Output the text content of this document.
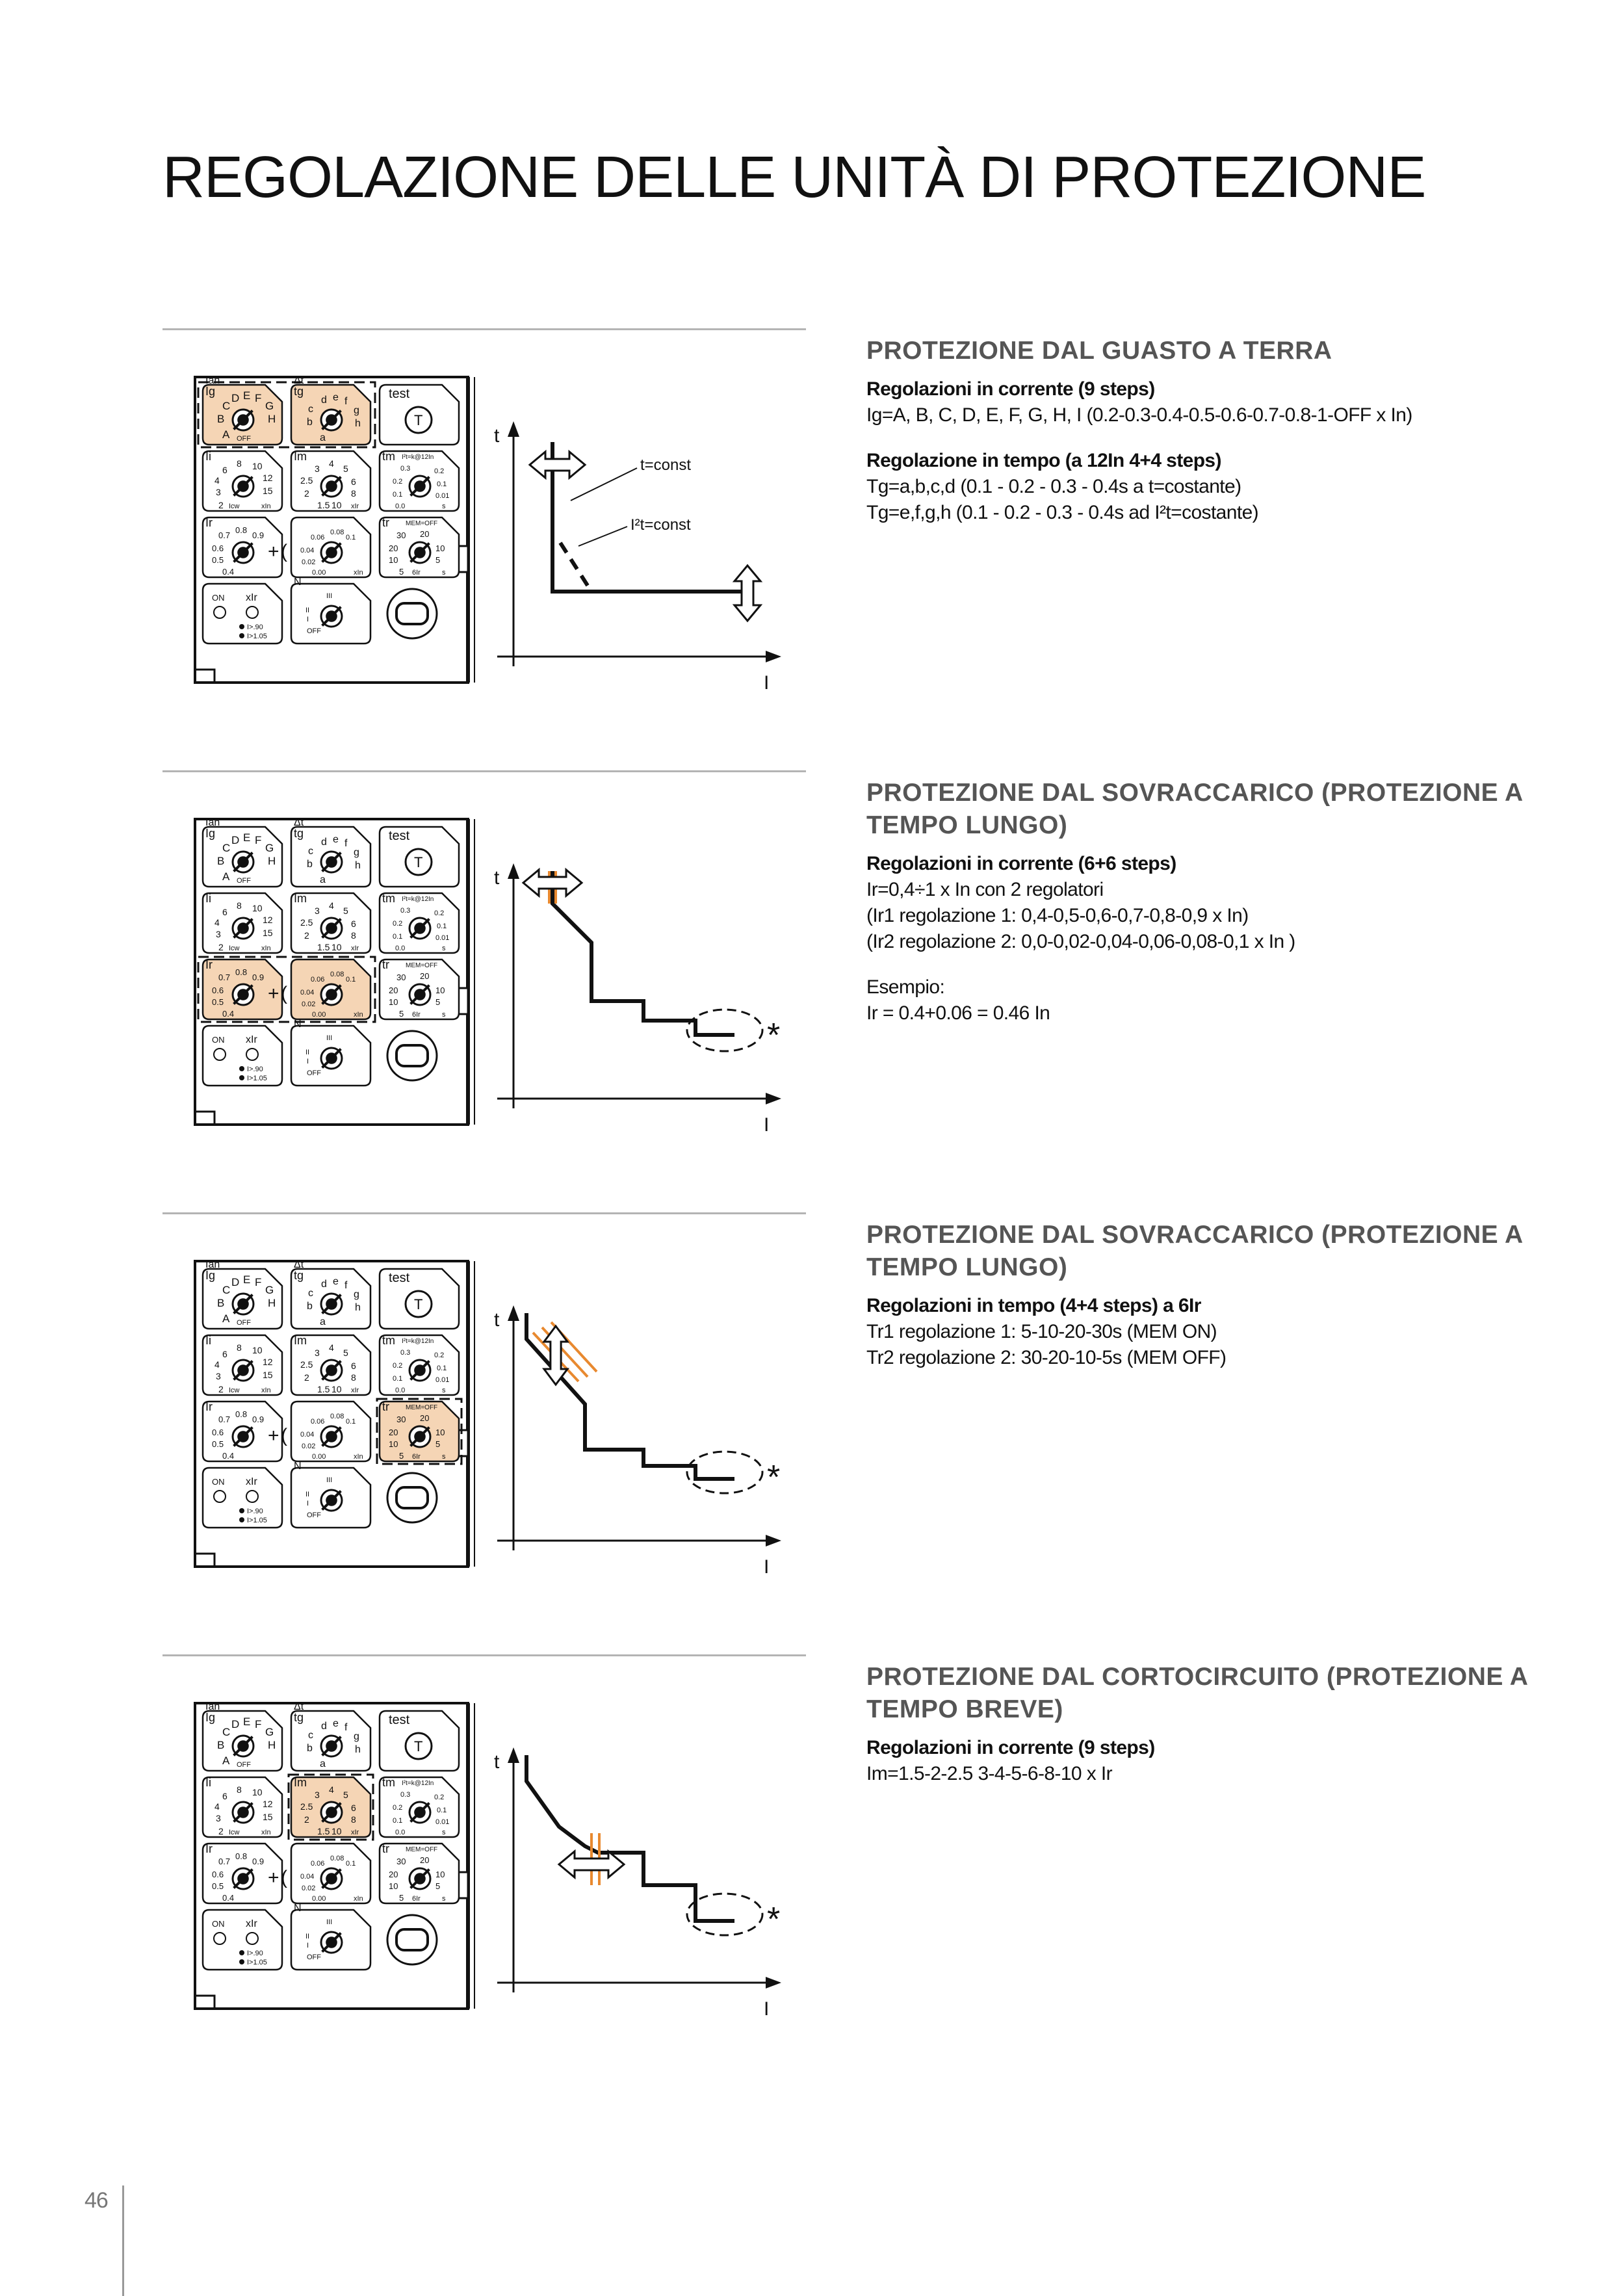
REGOLAZIONE DELLE UNITÀ DI PROTEZIONE
Iān
Ig
Δt
tg	test
T
A
B
C
D E F
G
H
OFF	a
b
c
d e f
g
h
Ii	Im	tm I²t=k@12In
2
3
4
6
8 10
12
15
Icw	xIn	1.5
2
2.5
3 4 5
6
8
10 xIr	0.0
0.1
0.2
0.3	0.2
0.1
0.01
s
Ir	tr	MEM=OFF
0.4
0.5
0.6
0.7
0.8
0.9
0.00
0.02
0.04
0.06
0.08
0.1
xIn
+ (
5
10
20
30 20
10
5
6Ir	s
ON xIr
I>.90
I>1.05
N
III
II
I
OFF
t
I
t=const
I²t=const
PROTEZIONE DAL GUASTO A TERRA
Regolazioni in corrente (9 steps)
Ig=A, B, C, D, E, F, G, H, I (0.2-0.3-0.4-0.5-0.6-0.7-0.8-1-OFF x In)
Regolazione in tempo (a 12In 4+4 steps)
Tg=a,b,c,d (0.1 - 0.2 - 0.3 - 0.4s a t=costante)
Tg=e,f,g,h (0.1 - 0.2 - 0.3 - 0.4s ad I²t=costante)
Iān
Ig
Δt
tg	test
T
A
B
C
D E F
G
H
OFF	a
b
c
d e f
g
h
Ii	Im	tm I²t=k@12In
2
3
4
6
8 10
12
15
Icw	xIn	1.5
2
2.5
3 4 5
6
8
10 xIr	0.0
0.1
0.2
0.3	0.2
0.1
0.01
s
Ir	tr	MEM=OFF
0.4
0.5
0.6
0.7
0.8
0.9
0.00
0.02
0.04
0.06
0.08
0.1
xIn
+ (
5
10
20
30 20
10
5
6Ir	s
ON xIr
I>.90
I>1.05
N
III
II
I
OFF
t
I
*
PROTEZIONE DAL SOVRACCARICO (PROTEZIONE A TEMPO LUNGO)
Regolazioni in corrente (6+6 steps)
Ir=0,4÷1 x In con 2 regolatori
(Ir1 regolazione 1: 0,4-0,5-0,6-0,7-0,8-0,9 x In)
(Ir2 regolazione 2: 0,0-0,02-0,04-0,06-0,08-0,1 x In )
Esempio:
Ir = 0.4+0.06 = 0.46 In
Iān
Ig
Δt
tg	test
T
A
B
C
D E F
G
H
OFF	a
b
c
d e f
g
h
Ii	Im	tm I²t=k@12In
2
3
4
6
8 10
12
15
Icw	xIn	1.5
2
2.5
3 4 5
6
8
10 xIr	0.0
0.1
0.2
0.3	0.2
0.1
0.01
s
Ir	tr	MEM=OFF
0.4
0.5
0.6
0.7
0.8
0.9
0.00
0.02
0.04
0.06
0.08
0.1
xIn
+ (
5
10
20
30 20
10
5
6Ir	s
ON xIr
I>.90
I>1.05
N
III
II
I
OFF
t
I
*
PROTEZIONE DAL SOVRACCARICO (PROTEZIONE A TEMPO LUNGO)
Regolazioni in tempo (4+4 steps) a 6Ir
Tr1 regolazione 1: 5-10-20-30s (MEM ON)
Tr2 regolazione 2: 30-20-10-5s (MEM OFF)
Iān
Ig
Δt
tg	test
T
A
B
C
D E F
G
H
OFF	a
b
c
d e f
g
h
Ii	Im	tm I²t=k@12In
2
3
4
6
8 10
12
15
Icw	xIn	1.5
2
2.5
3 4 5
6
8
10 xIr	0.0
0.1
0.2
0.3	0.2
0.1
0.01
s
Ir	tr	MEM=OFF
0.4
0.5
0.6
0.7
0.8
0.9
0.00
0.02
0.04
0.06
0.08
0.1
xIn
+ (
5
10
20
30 20
10
5
6Ir	s
ON xIr
I>.90
I>1.05
N
III
II
I
OFF
t
I
*
PROTEZIONE DAL CORTOCIRCUITO (PROTEZIONE A TEMPO BREVE)
Regolazioni in corrente (9 steps)
Im=1.5-2-2.5 3-4-5-6-8-10 x Ir
46
